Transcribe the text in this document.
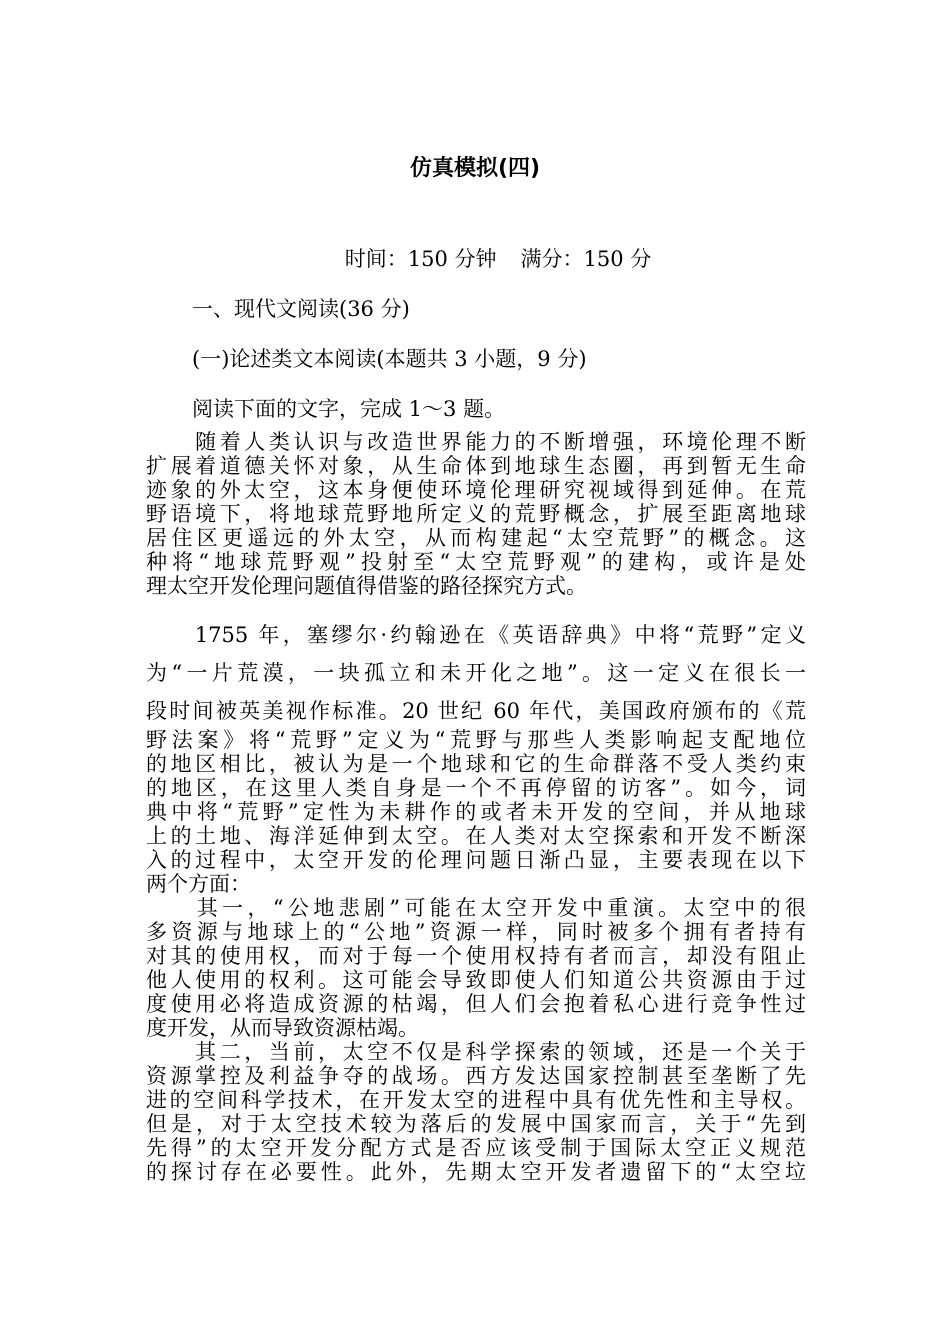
仿真模拟(四)
时间：150 分钟 满分：150 分
一、现代文阅读(36 分)
(一)论述类文本阅读(本题共 3 小题，9 分)
阅读下面的文字，完成 1～3 题。
　　随着人类认识与改造世界能力的不断增强，环境伦理不断
扩展着道德关怀对象，从生命体到地球生态圈，再到暂无生命
迹象的外太空，这本身便使环境伦理研究视域得到延伸。在荒
野语境下，将地球荒野地所定义的荒野概念，扩展至距离地球
居住区更遥远的外太空，从而构建起“太空荒野”的概念。这
种将“地球荒野观”投射至“太空荒野观”的建构，或许是处
理太空开发伦理问题值得借鉴的路径探究方式。
　　1755 年，塞缪尔·约翰逊在《英语辞典》中将“荒野”定义
为“一片荒漠，一块孤立和未开化之地”。这一定义在很长一
段时间被英美视作标准。20 世纪 60 年代，美国政府颁布的《荒
野法案》将“荒野”定义为“荒野与那些人类影响起支配地位
的地区相比，被认为是一个地球和它的生命群落不受人类约束
的地区，在这里人类自身是一个不再停留的访客”。如今，词
典中将“荒野”定性为未耕作的或者未开发的空间，并从地球
上的土地、海洋延伸到太空。在人类对太空探索和开发不断深
入的过程中，太空开发的伦理问题日渐凸显，主要表现在以下
两个方面：
　　其一，“公地悲剧”可能在太空开发中重演。太空中的很
多资源与地球上的“公地”资源一样，同时被多个拥有者持有
对其的使用权，而对于每一个使用权持有者而言，却没有阻止
他人使用的权利。这可能会导致即使人们知道公共资源由于过
度使用必将造成资源的枯竭，但人们会抱着私心进行竞争性过
度开发，从而导致资源枯竭。
　　其二，当前，太空不仅是科学探索的领域，还是一个关于
资源掌控及利益争夺的战场。西方发达国家控制甚至垄断了先
进的空间科学技术，在开发太空的进程中具有优先性和主导权。
但是，对于太空技术较为落后的发展中国家而言，关于“先到
先得”的太空开发分配方式是否应该受制于国际太空正义规范
的探讨存在必要性。此外，先期太空开发者遗留下的“太空垃
